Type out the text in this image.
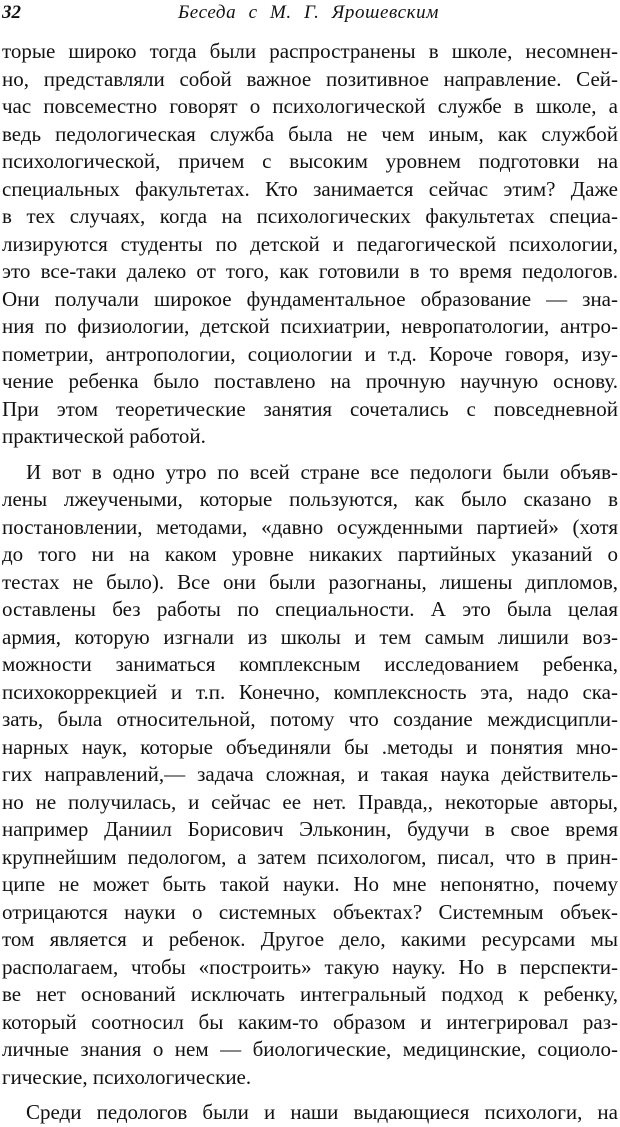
32	Беседа с М. Г. Ярошевским
торые широко тогда были распространены в школе, несомнен-
но, представляли собой важное позитивное направление. Сей-
час повсеместно говорят о психологической службе в школе, а
ведь педологическая служба была не чем иным, как службой
психологической, причем с высоким уровнем подготовки на
специальных факультетах. Кто занимается сейчас этим? Даже
в тех случаях, когда на психологических факультетах специа-
лизируются студенты по детской и педагогической психологии,
это все-таки далеко от того, как готовили в то время педологов.
Они получали широкое фундаментальное образование — зна-
ния по физиологии, детской психиатрии, невропатологии, антро-
пометрии, антропологии, социологии и т.д. Короче говоря, изу-
чение ребенка было поставлено на прочную научную основу.
При этом теоретические занятия сочетались с повседневной
практической работой.
И вот в одно утро по всей стране все педологи были объяв-
лены лжеучеными, которые пользуются, как было сказано в
постановлении, методами, «давно осужденными партией» (хотя
до того ни на каком уровне никаких партийных указаний о
тестах не было). Все они были разогнаны, лишены дипломов,
оставлены без работы по специальности. А это была целая
армия, которую изгнали из школы и тем самым лишили воз-
можности заниматься комплексным исследованием ребенка,
психокоррекцией и т.п. Конечно, комплексность эта, надо ска-
зать, была относительной, потому что создание междисципли-
нарных наук, которые объединяли бы .методы и понятия мно-
гих направлений,— задача сложная, и такая наука действитель-
но не получилась, и сейчас ее нет. Правда,, некоторые авторы,
например Даниил Борисович Эльконин, будучи в свое время
крупнейшим педологом, а затем психологом, писал, что в прин-
ципе не может быть такой науки. Но мне непонятно, почему
отрицаются науки о системных объектах? Системным объек-
том является и ребенок. Другое дело, какими ресурсами мы
располагаем, чтобы «построить» такую науку. Но в перспекти-
ве нет оснований исключать интегральный подход к ребенку,
который соотносил бы каким-то образом и интегрировал раз-
личные знания о нем — биологические, медицинские, социоло-
гические, психологические.
Среди педологов были и наши выдающиеся психологи, на
